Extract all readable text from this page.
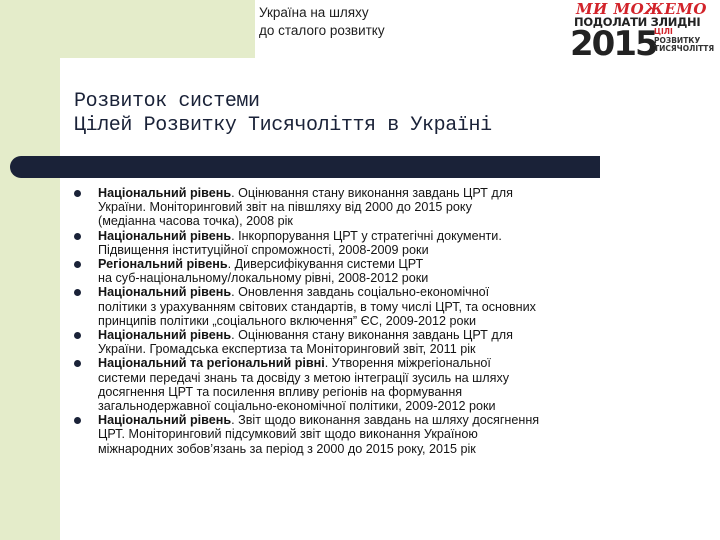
Україна на шляху
до сталого розвитку
МИ МОЖЕМО
ПОДОЛАТИ ЗЛИДНІ
2015
ЦІЛІ
РОЗВИТКУ
ТИСЯЧОЛІТТЯ
Розвиток системи
Цілей Розвитку Тисячоліття в Україні
Національний рівень. Оцінювання стану виконання завдань ЦРТ для
України. Моніторинговий звіт на півшляху від 2000 до 2015 року
(медіанна часова точка), 2008 рік
Національний рівень. Інкорпорування ЦРТ у стратегічні документи.
Підвищення інституційної спроможності, 2008-2009 роки
Регіональний рівень. Диверсифікування системи ЦРТ
на суб-національному/локальному рівні, 2008-2012 роки
Національний рівень. Оновлення завдань соціально-економічної
політики з урахуванням світових стандартів, в тому числі ЦРТ, та основних
принципів політики „соціального включення” ЄС, 2009-2012 роки
Національний рівень. Оцінювання стану виконання завдань ЦРТ для
України. Громадська експертиза та Моніторинговий звіт, 2011 рік
Національний та регіональний рівні. Утворення міжрегіональної
системи передачі знань та досвіду з метою інтеграції зусиль на шляху
досягнення ЦРТ та посилення впливу регіонів на формування
загальнодержавної соціально-економічної політики, 2009-2012 роки
Національний рівень. Звіт щодо виконання завдань на шляху досягнення
ЦРТ. Моніторинговий підсумковий звіт щодо виконання Україною
міжнародних зобов’язань за період з 2000 до 2015 року, 2015 рік
